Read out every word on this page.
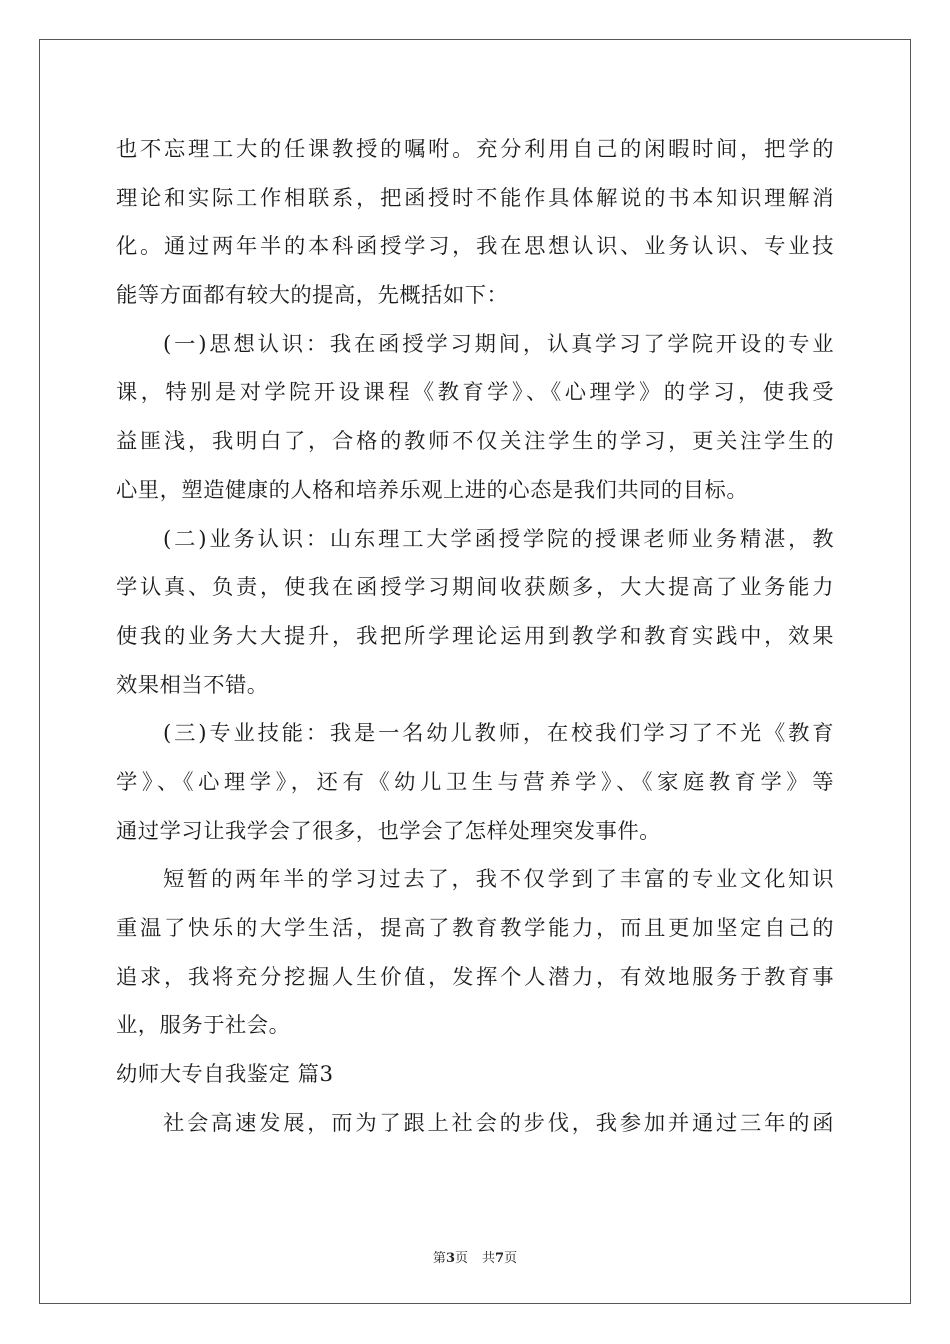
也不忘理工大的任课教授的嘱咐。充分利用自己的闲暇时间，把学的
理论和实际工作相联系，把函授时不能作具体解说的书本知识理解消
化。通过两年半的本科函授学习，我在思想认识、业务认识、专业技
能等方面都有较大的提高，先概括如下：
(一)思想认识：我在函授学习期间，认真学习了学院开设的专业
课，特别是对学院开设课程《教育学》、《心理学》的学习，使我受
益匪浅，我明白了，合格的教师不仅关注学生的学习，更关注学生的
心里，塑造健康的人格和培养乐观上进的心态是我们共同的目标。
(二)业务认识：山东理工大学函授学院的授课老师业务精湛，教
学认真、负责，使我在函授学习期间收获颇多，大大提高了业务能力
使我的业务大大提升，我把所学理论运用到教学和教育实践中，效果
效果相当不错。
(三)专业技能：我是一名幼儿教师，在校我们学习了不光《教育
学》、《心理学》，还有《幼儿卫生与营养学》、《家庭教育学》等
通过学习让我学会了很多，也学会了怎样处理突发事件。
短暂的两年半的学习过去了，我不仅学到了丰富的专业文化知识
重温了快乐的大学生活，提高了教育教学能力，而且更加坚定自己的
追求，我将充分挖掘人生价值，发挥个人潜力，有效地服务于教育事
业，服务于社会。
幼师大专自我鉴定 篇3
社会高速发展，而为了跟上社会的步伐，我参加并通过三年的函
第3页 共7页
